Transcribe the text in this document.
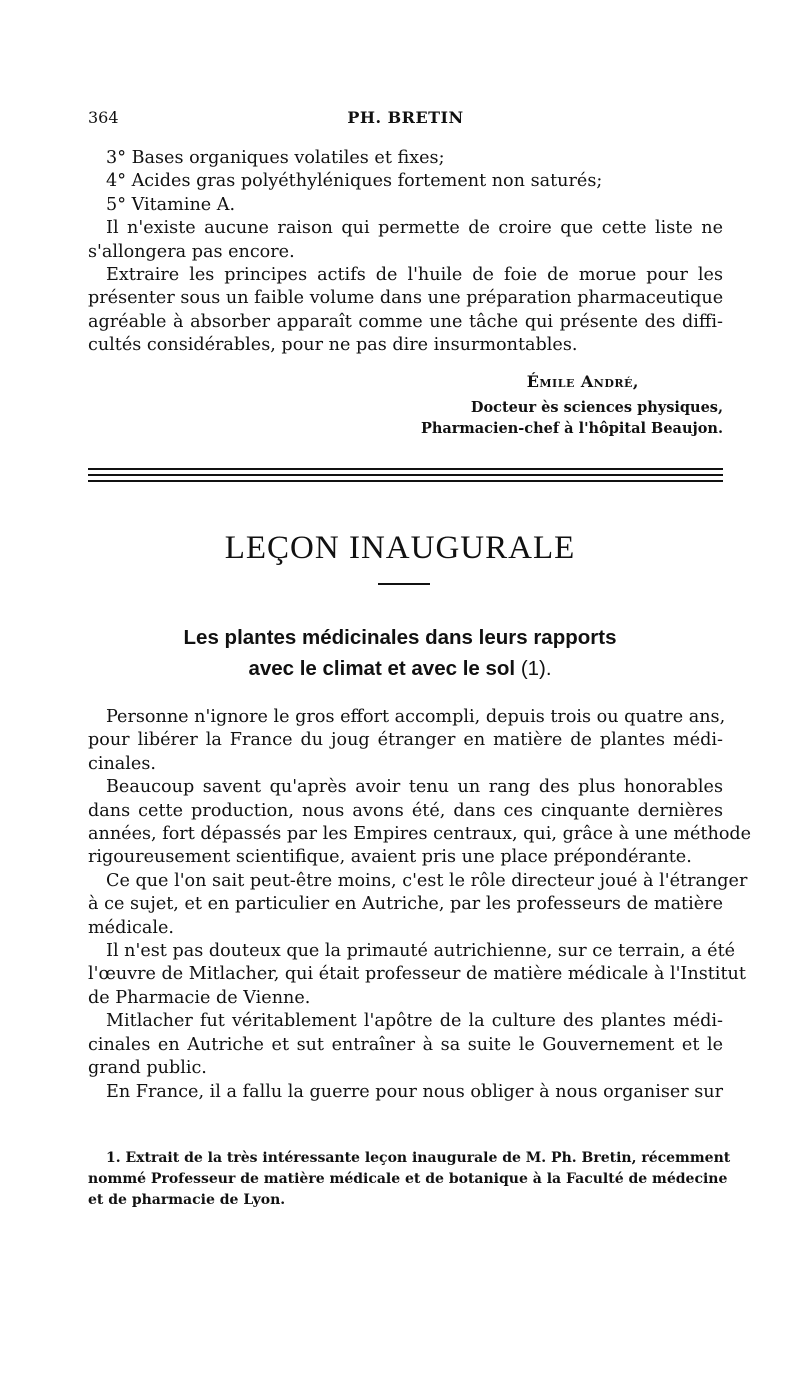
364	PH. BRETIN
3° Bases organiques volatiles et fixes;
4° Acides gras polyéthyléniques fortement non saturés;
5° Vitamine A.
Il n'existe aucune raison qui permette de croire que cette liste ne
s'allongera pas encore.
Extraire les principes actifs de l'huile de foie de morue pour les
présenter sous un faible volume dans une préparation pharmaceutique
agréable à absorber apparaît comme une tâche qui présente des diffi-
cultés considérables, pour ne pas dire insurmontables.
Émile André,
Docteur ès sciences physiques,
Pharmacien-chef à l'hôpital Beaujon.
LEÇON INAUGURALE
Les plantes médicinales dans leurs rapports
avec le climat et avec le sol (1).
Personne n'ignore le gros effort accompli, depuis trois ou quatre ans,
pour libérer la France du joug étranger en matière de plantes médi-
cinales.
Beaucoup savent qu'après avoir tenu un rang des plus honorables
dans cette production, nous avons été, dans ces cinquante dernières
années, fort dépassés par les Empires centraux, qui, grâce à une méthode
rigoureusement scientifique, avaient pris une place prépondérante.
Ce que l'on sait peut-être moins, c'est le rôle directeur joué à l'étranger
à ce sujet, et en particulier en Autriche, par les professeurs de matière
médicale.
Il n'est pas douteux que la primauté autrichienne, sur ce terrain, a été
l'œuvre de Mitlacher, qui était professeur de matière médicale à l'Institut
de Pharmacie de Vienne.
Mitlacher fut véritablement l'apôtre de la culture des plantes médi-
cinales en Autriche et sut entraîner à sa suite le Gouvernement et le
grand public.
En France, il a fallu la guerre pour nous obliger à nous organiser sur
1. Extrait de la très intéressante leçon inaugurale de M. Ph. Bretin, récemment
nommé Professeur de matière médicale et de botanique à la Faculté de médecine
et de pharmacie de Lyon.
